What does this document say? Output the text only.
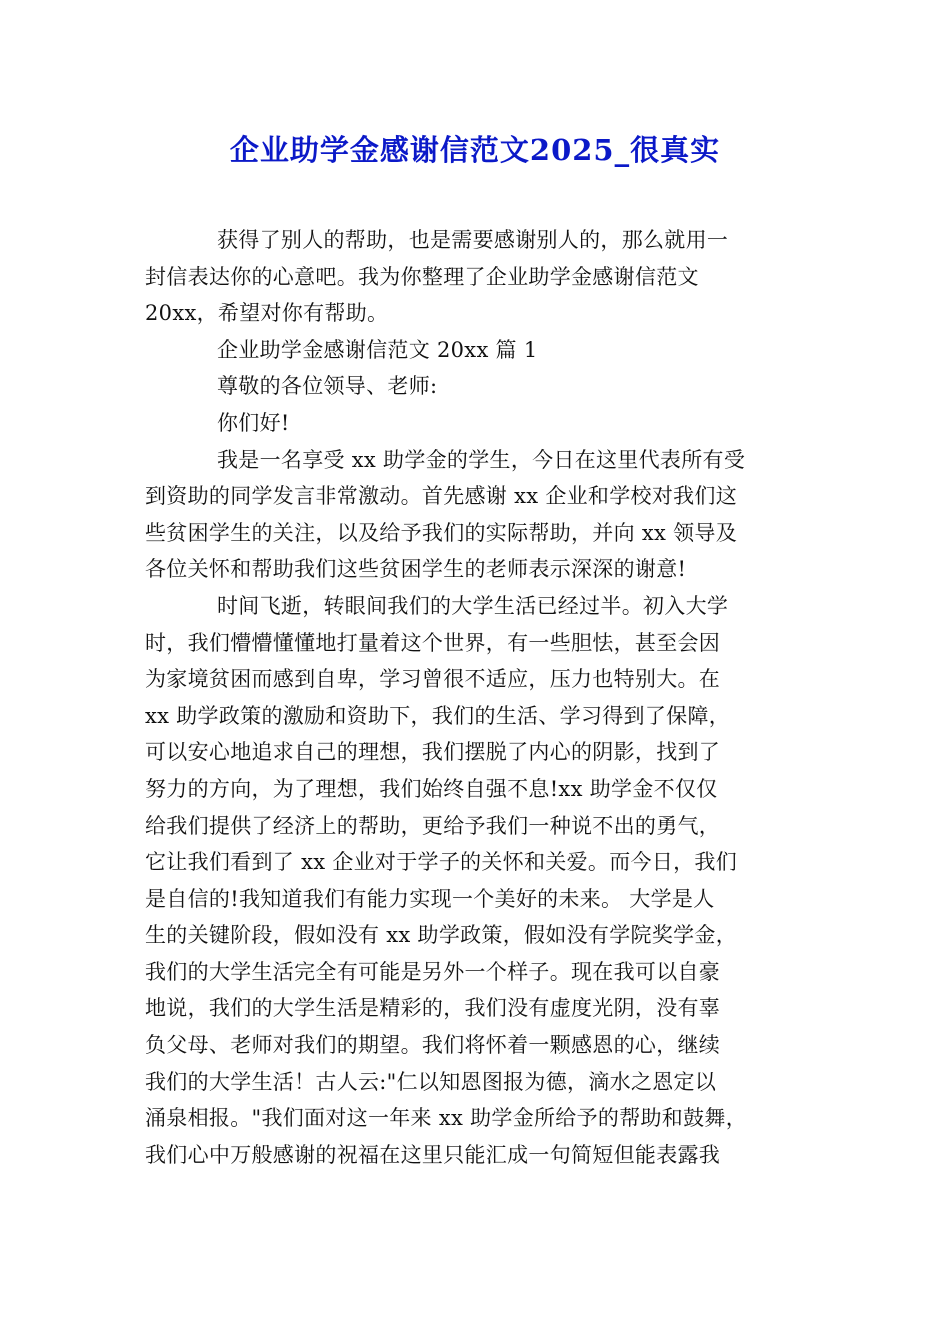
企业助学金感谢信范文2025_很真实
获得了别人的帮助，也是需要感谢别人的，那么就用一
封信表达你的心意吧。我为你整理了企业助学金感谢信范文
20xx，希望对你有帮助。
企业助学金感谢信范文 20xx 篇 1
尊敬的各位领导、老师:
你们好!
我是一名享受 xx 助学金的学生，今日在这里代表所有受
到资助的同学发言非常激动。首先感谢 xx 企业和学校对我们这
些贫困学生的关注，以及给予我们的实际帮助，并向 xx 领导及
各位关怀和帮助我们这些贫困学生的老师表示深深的谢意!
时间飞逝，转眼间我们的大学生活已经过半。初入大学
时，我们懵懵懂懂地打量着这个世界，有一些胆怯，甚至会因
为家境贫困而感到自卑，学习曾很不适应，压力也特别大。在
xx 助学政策的激励和资助下，我们的生活、学习得到了保障，
可以安心地追求自己的理想，我们摆脱了内心的阴影，找到了
努力的方向，为了理想，我们始终自强不息!xx 助学金不仅仅
给我们提供了经济上的帮助，更给予我们一种说不出的勇气，
它让我们看到了 xx 企业对于学子的关怀和关爱。而今日，我们
是自信的!我知道我们有能力实现一个美好的未来。 大学是人
生的关键阶段，假如没有 xx 助学政策，假如没有学院奖学金，
我们的大学生活完全有可能是另外一个样子。现在我可以自豪
地说，我们的大学生活是精彩的，我们没有虚度光阴，没有辜
负父母、老师对我们的期望。我们将怀着一颗感恩的心，继续
我们的大学生活！古人云:"仁以知恩图报为德，滴水之恩定以
涌泉相报。"我们面对这一年来 xx 助学金所给予的帮助和鼓舞，
我们心中万般感谢的祝福在这里只能汇成一句简短但能表露我
